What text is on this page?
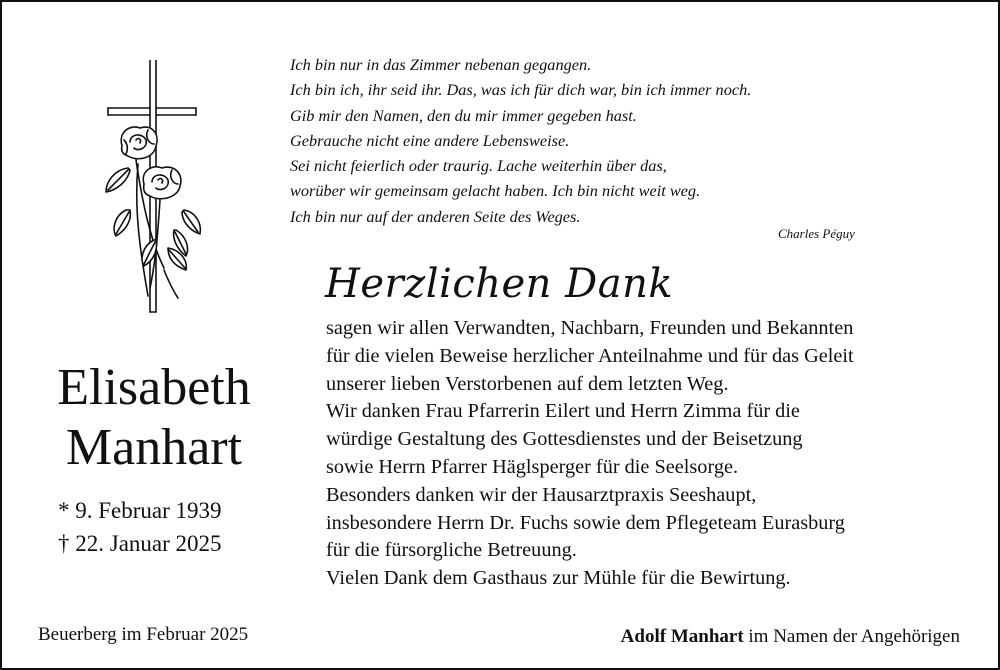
Ich bin nur in das Zimmer nebenan gegangen.
Ich bin ich, ihr seid ihr. Das, was ich für dich war, bin ich immer noch.
Gib mir den Namen, den du mir immer gegeben hast.
Gebrauche nicht eine andere Lebensweise.
Sei nicht feierlich oder traurig. Lache weiterhin über das,
worüber wir gemeinsam gelacht haben. Ich bin nicht weit weg.
Ich bin nur auf der anderen Seite des Weges.
Charles Péguy
Elisabeth
Manhart
* 9. Februar 1939
† 22. Januar 2025
Herzlichen Dank
sagen wir allen Verwandten, Nachbarn, Freunden und Bekannten
für die vielen Beweise herzlicher Anteilnahme und für das Geleit
unserer lieben Verstorbenen auf dem letzten Weg.
Wir danken Frau Pfarrerin Eilert und Herrn Zimma für die
würdige Gestaltung des Gottesdienstes und der Beisetzung
sowie Herrn Pfarrer Häglsperger für die Seelsorge.
Besonders danken wir der Hausarztpraxis Seeshaupt,
insbesondere Herrn Dr. Fuchs sowie dem Pflegeteam Eurasburg
für die fürsorgliche Betreuung.
Vielen Dank dem Gasthaus zur Mühle für die Bewirtung.
Beuerberg im Februar 2025	Adolf Manhart im Namen der Angehörigen
